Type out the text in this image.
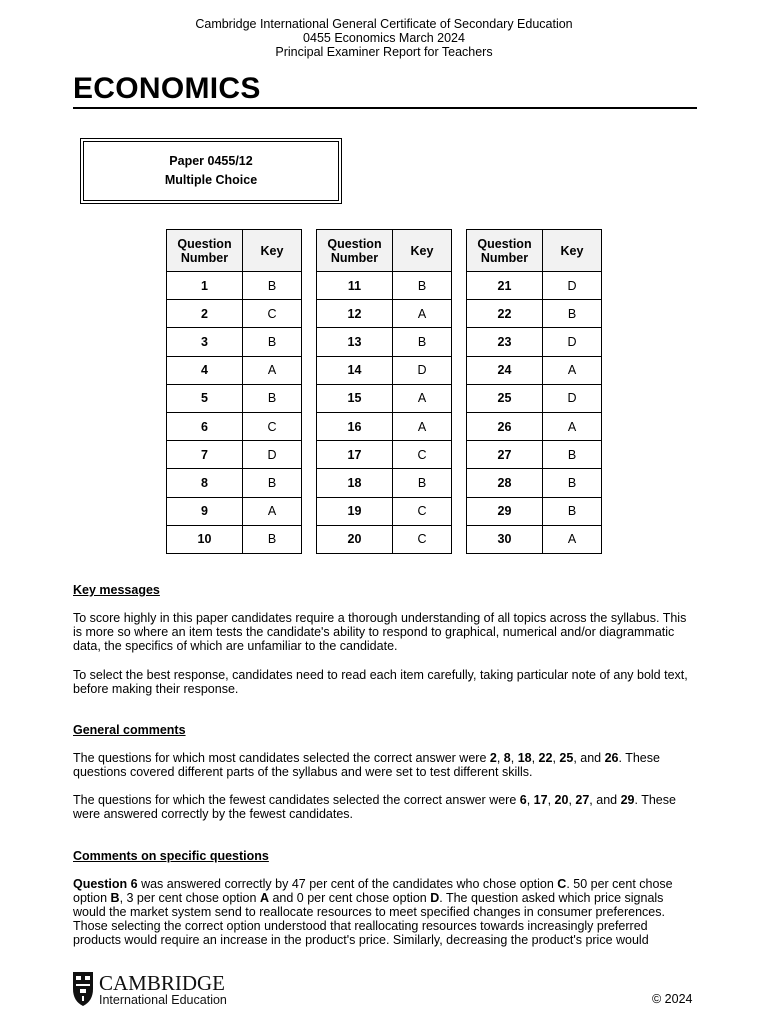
Cambridge International General Certificate of Secondary Education
0455 Economics March 2024
Principal Examiner Report for Teachers
ECONOMICS
Paper 0455/12
Multiple Choice
Question
Number	Key
1	B
2	C
3	B
4	A
5	B
6	C
7	D
8	B
9	A
10	B
Question
Number	Key
11	B
12	A
13	B
14	D
15	A
16	A
17	C
18	B
19	C
20	C
Question
Number	Key
21	D
22	B
23	D
24	A
25	D
26	A
27	B
28	B
29	B
30	A

Key messages

To score highly in this paper candidates require a thorough understanding of all topics across the syllabus. This is more so where an item tests the candidate's ability to respond to graphical, numerical and/or diagrammatic data, the specifics of which are unfamiliar to the candidate.

To select the best response, candidates need to read each item carefully, taking particular note of any bold text, before making their response.

General comments

The questions for which most candidates selected the correct answer were 2, 8, 18, 22, 25, and 26. These questions covered different parts of the syllabus and were set to test different skills.

The questions for which the fewest candidates selected the correct answer were 6, 17, 20, 27, and 29. These were answered correctly by the fewest candidates.

Comments on specific questions

Question 6 was answered correctly by 47 per cent of the candidates who chose option C. 50 per cent chose option B, 3 per cent chose option A and 0 per cent chose option D. The question asked which price signals would the market system send to reallocate resources to meet specified changes in consumer preferences. Those selecting the correct option understood that reallocating resources towards increasingly preferred products would require an increase in the product's price. Similarly, decreasing the product's price would

CAMBRIDGE
International Education	© 2024
